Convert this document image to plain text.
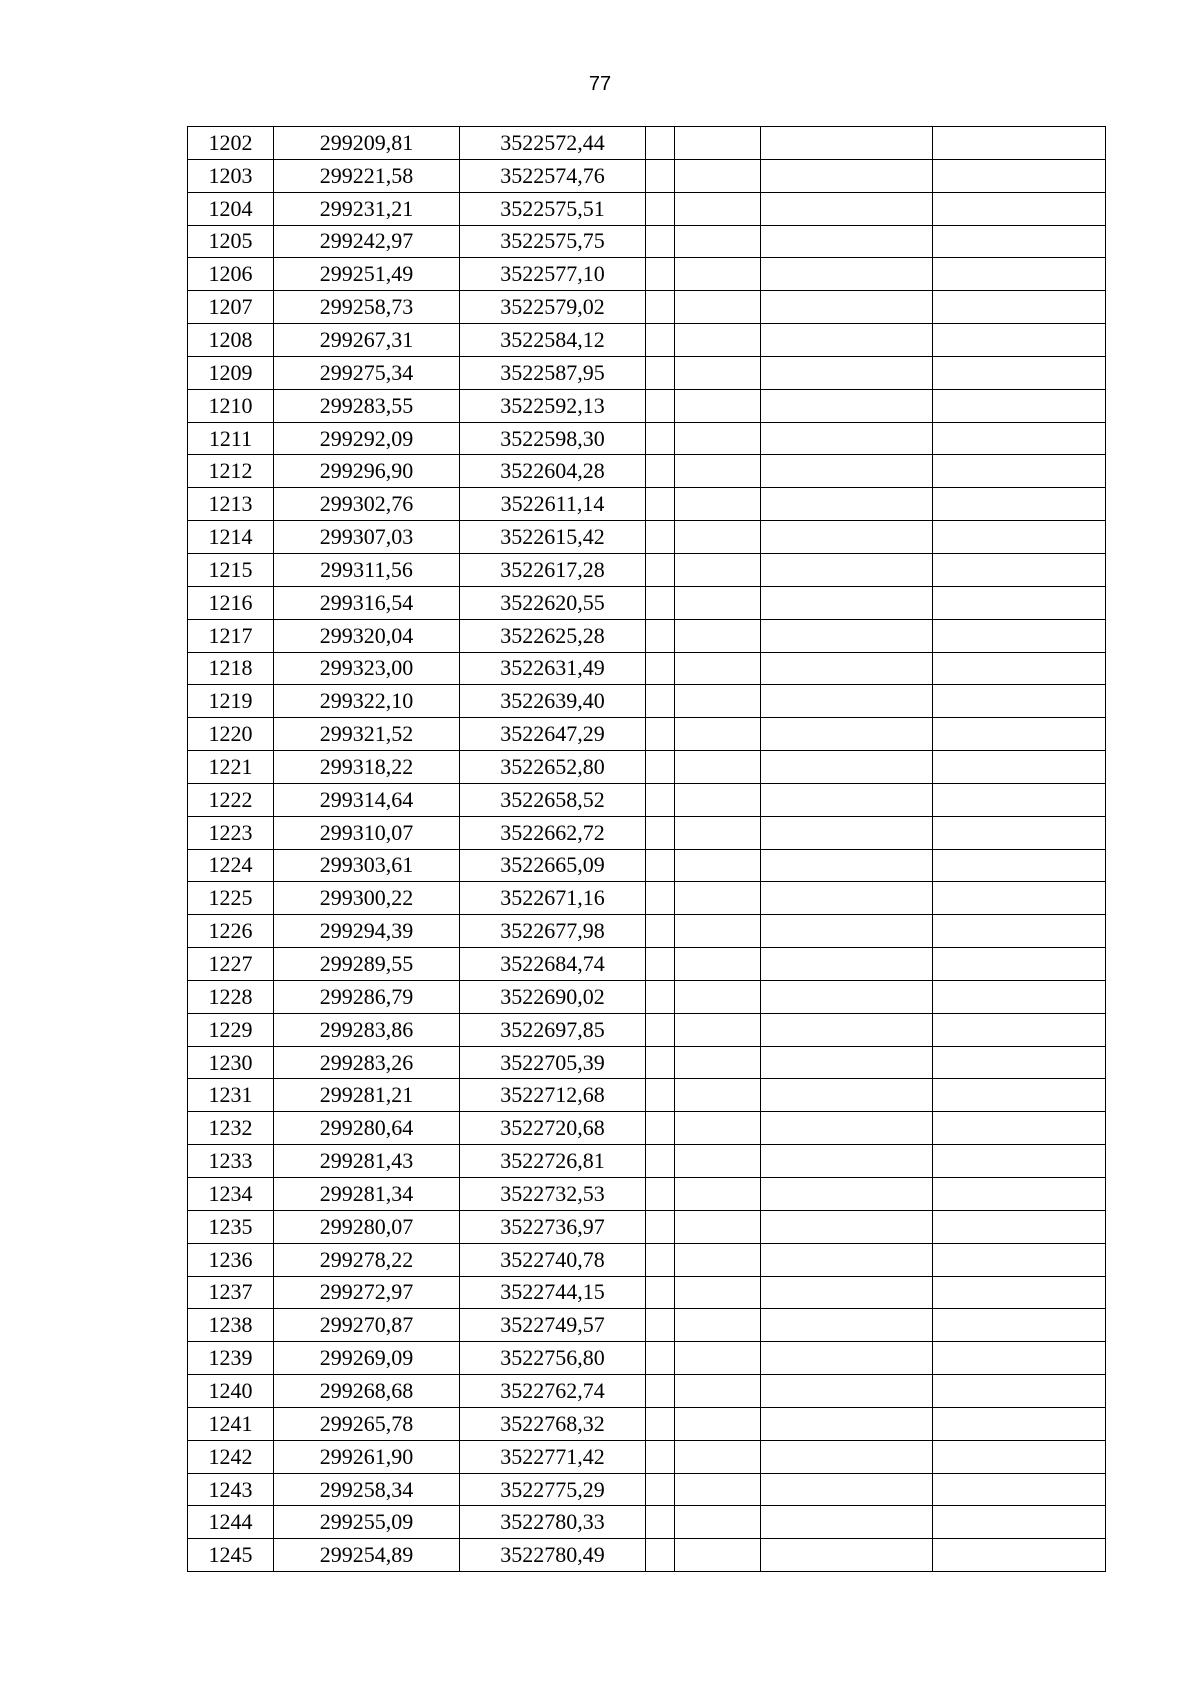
77
1202	299209,81	3522572,44				
1203	299221,58	3522574,76				
1204	299231,21	3522575,51				
1205	299242,97	3522575,75				
1206	299251,49	3522577,10				
1207	299258,73	3522579,02				
1208	299267,31	3522584,12				
1209	299275,34	3522587,95				
1210	299283,55	3522592,13				
1211	299292,09	3522598,30				
1212	299296,90	3522604,28				
1213	299302,76	3522611,14				
1214	299307,03	3522615,42				
1215	299311,56	3522617,28				
1216	299316,54	3522620,55				
1217	299320,04	3522625,28				
1218	299323,00	3522631,49				
1219	299322,10	3522639,40				
1220	299321,52	3522647,29				
1221	299318,22	3522652,80				
1222	299314,64	3522658,52				
1223	299310,07	3522662,72				
1224	299303,61	3522665,09				
1225	299300,22	3522671,16				
1226	299294,39	3522677,98				
1227	299289,55	3522684,74				
1228	299286,79	3522690,02				
1229	299283,86	3522697,85				
1230	299283,26	3522705,39				
1231	299281,21	3522712,68				
1232	299280,64	3522720,68				
1233	299281,43	3522726,81				
1234	299281,34	3522732,53				
1235	299280,07	3522736,97				
1236	299278,22	3522740,78				
1237	299272,97	3522744,15				
1238	299270,87	3522749,57				
1239	299269,09	3522756,80				
1240	299268,68	3522762,74				
1241	299265,78	3522768,32				
1242	299261,90	3522771,42				
1243	299258,34	3522775,29				
1244	299255,09	3522780,33				
1245	299254,89	3522780,49				
